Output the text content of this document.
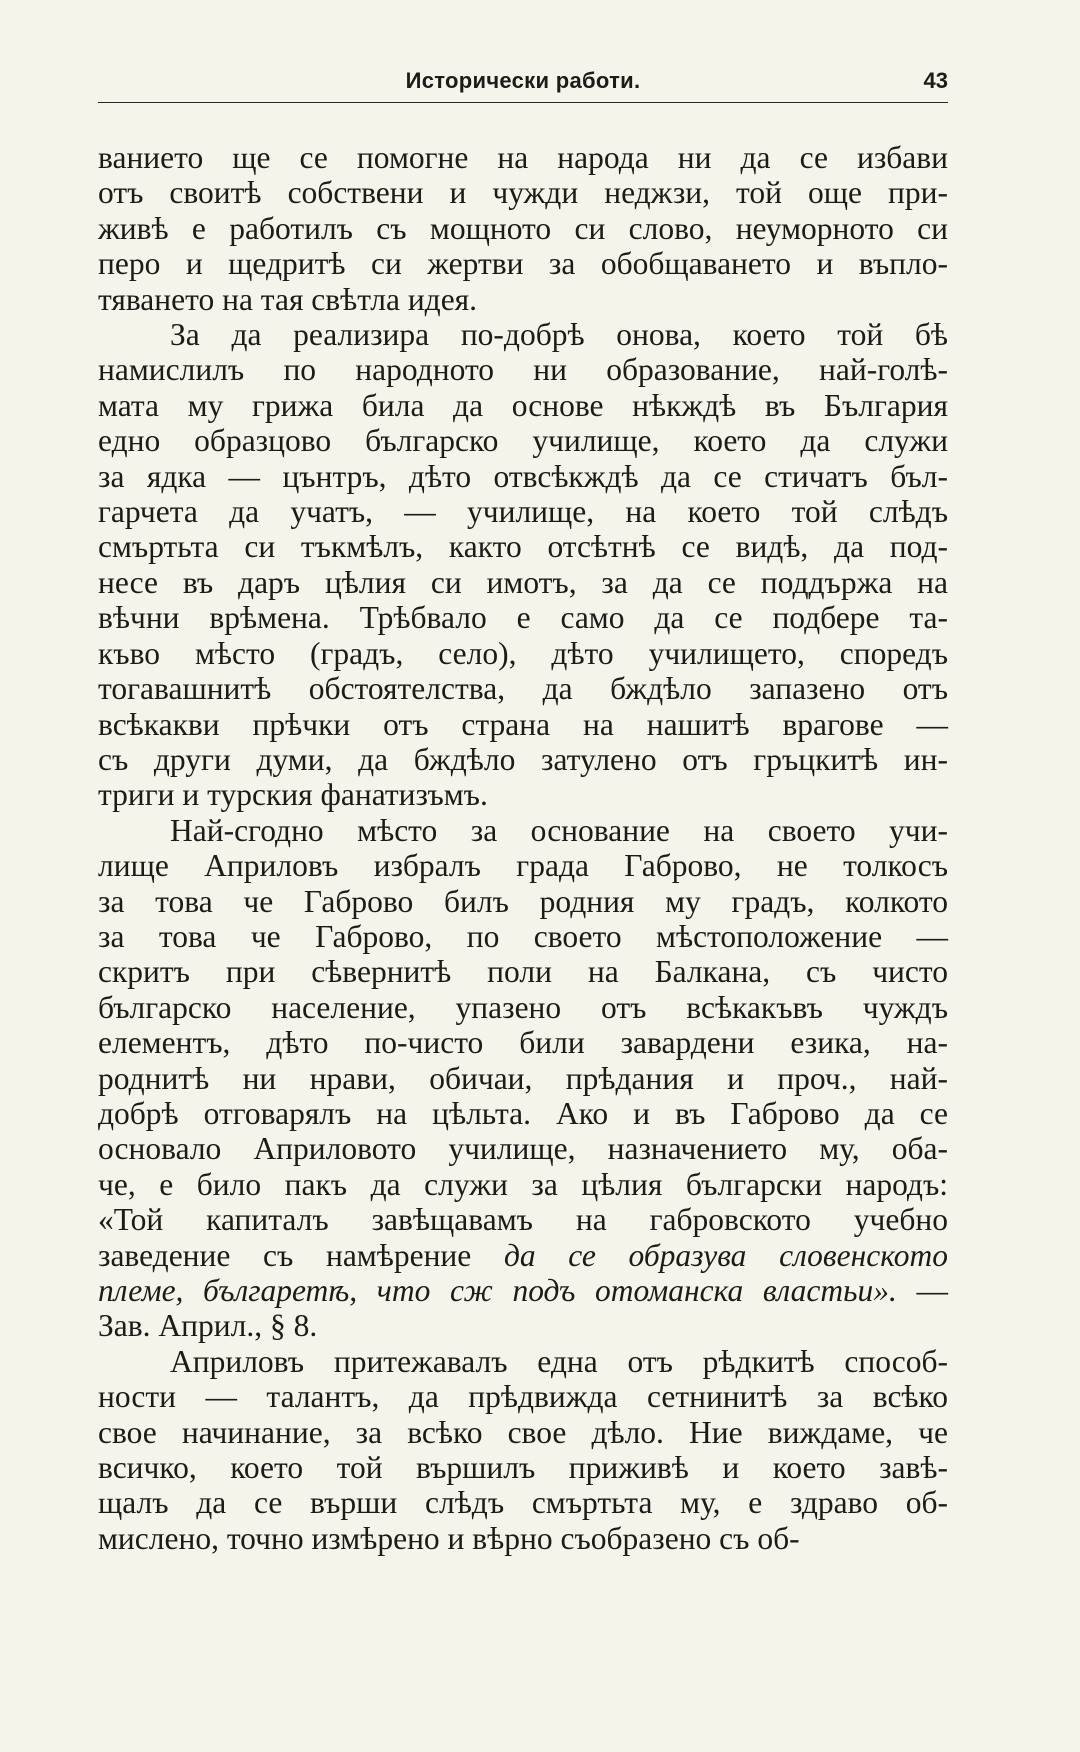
Исторически работи.	43

ванието ще се помогне на народа ни да се избави

отъ своитѣ собствени и чужди неджзи, той още при-

живѣ е работилъ съ мощното си слово, неуморното си

перо и щедритѣ си жертви за обобщаването и въпло-

тяването на тая свѣтла идея.

За да реализира по-добрѣ онова, което той бѣ

намислилъ по народното ни образование, най-голѣ-

мата му грижа била да основе нѣкждѣ въ България

едно образцово българско училище, което да служи

за ядка — цънтръ, дѣто отвсѣкждѣ да се стичатъ бъл-

гарчета да учатъ, — училище, на което той слѣдъ

смъртьта си тъкмѣлъ, както отсѣтнѣ се видѣ, да под-

несе въ даръ цѣлия си имотъ, за да се поддържа на

вѣчни врѣмена. Трѣбвало е само да се подбере та-

къво мѣсто (градъ, село), дѣто училището, споредъ

тогавашнитѣ обстоятелства, да бждѣло запазено отъ

всѣкакви прѣчки отъ страна на нашитѣ врагове —

съ други думи, да бждѣло затулено отъ гръцкитѣ ин-

триги и турския фанатизъмъ.

Най-сгодно мѣсто за основание на своето учи-

лище Априловъ избралъ града Габрово, не толкосъ

за това че Габрово билъ родния му градъ, колкото

за това че Габрово, по своето мѣстоположение —

скритъ при сѣвернитѣ поли на Балкана, съ чисто

българско население, упазено отъ всѣкакъвъ чуждъ

елементъ, дѣто по-чисто били завардени езика, на-

роднитѣ ни нрави, обичаи, прѣдания и проч., най-

добрѣ отговарялъ на цѣльта. Ако и въ Габрово да се

основало Априловото училище, назначението му, оба-

че, е било пакъ да служи за цѣлия български народъ:

«Той капиталъ завѣщавамъ на габровското учебно

заведение съ намѣрение да се образува словенското

племе, българетѣ, что сж подъ отоманска властьи». —

Зав. Април., § 8.

Априловъ притежавалъ една отъ рѣдкитѣ способ-

ности — талантъ, да прѣдвижда сетнинитѣ за всѣко

свое начинание, за всѣко свое дѣло. Ние виждаме, че

всичко, което той вършилъ приживѣ и което завѣ-

щалъ да се върши слѣдъ смъртьта му, е здраво об-

мислено, точно измѣрено и вѣрно съобразено съ об-
